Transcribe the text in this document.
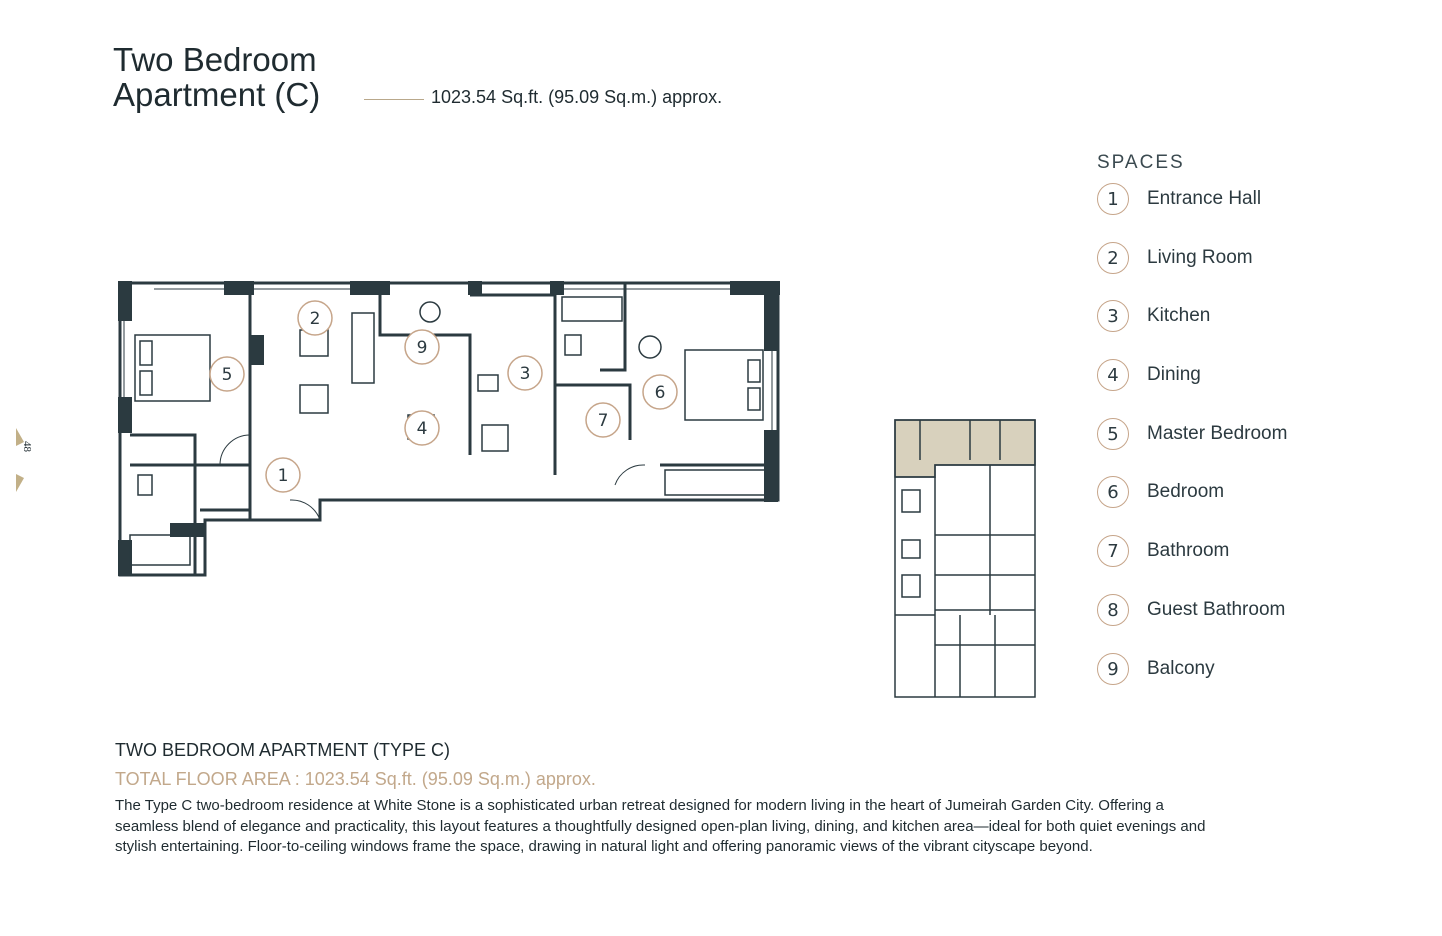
Two Bedroom
Apartment (C)	1023.54 Sq.ft. (95.09 Sq.m.) approx.
48
1
2
3
4
5
6
7
9
SPACES
1	Entrance Hall
2	Living Room
3	Kitchen
4	Dining
5	Master Bedroom
6	Bedroom
7	Bathroom
8	Guest Bathroom
9	Balcony
TWO BEDROOM APARTMENT (TYPE C)
TOTAL FLOOR AREA : 1023.54 Sq.ft. (95.09 Sq.m.) approx.
The Type C two-bedroom residence at White Stone is a sophisticated urban retreat designed for modern living in the heart of Jumeirah Garden City. Offering a seamless blend of elegance and practicality, this layout features a thoughtfully designed open-plan living, dining, and kitchen area—ideal for both quiet evenings and stylish entertaining. Floor-to-ceiling windows frame the space, drawing in natural light and offering panoramic views of the vibrant cityscape beyond.
